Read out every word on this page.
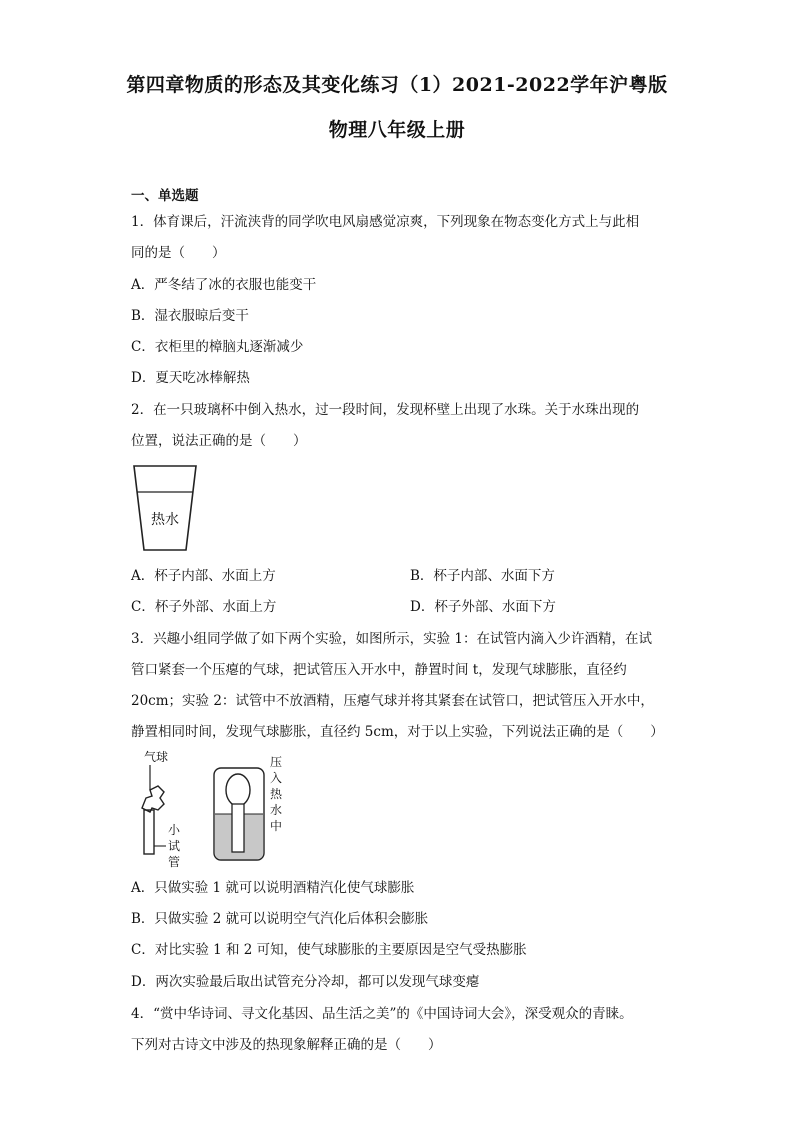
第四章物质的形态及其变化练习（1）2021-2022学年沪粤版
物理八年级上册
一、单选题
1．体育课后，汗流浃背的同学吹电风扇感觉凉爽，下列现象在物态变化方式上与此相
同的是（　　）
A．严冬结了冰的衣服也能变干
B．湿衣服晾后变干
C．衣柜里的樟脑丸逐渐减少
D．夏天吃冰棒解热
2．在一只玻璃杯中倒入热水，过一段时间，发现杯壁上出现了水珠。关于水珠出现的
位置，说法正确的是（　　）
热水
A．杯子内部、水面上方	B．杯子内部、水面下方
C．杯子外部、水面上方	D．杯子外部、水面下方
3．兴趣小组同学做了如下两个实验，如图所示，实验 1：在试管内滴入少许酒精，在试
管口紧套一个压瘪的气球，把试管压入开水中，静置时间 t，发现气球膨胀，直径约
20cm；实验 2：试管中不放酒精，压瘪气球并将其紧套在试管口，把试管压入开水中，
静置相同时间，发现气球膨胀，直径约 5cm，对于以上实验，下列说法正确的是（　　）
气球
小
试
管
压
入
热
水
中
A．只做实验 1 就可以说明酒精汽化使气球膨胀
B．只做实验 2 就可以说明空气汽化后体积会膨胀
C．对比实验 1 和 2 可知，使气球膨胀的主要原因是空气受热膨胀
D．两次实验最后取出试管充分冷却，都可以发现气球变瘪
4．“赏中华诗词、寻文化基因、品生活之美”的《中国诗词大会》，深受观众的青睐。
下列对古诗文中涉及的热现象解释正确的是（　　）
